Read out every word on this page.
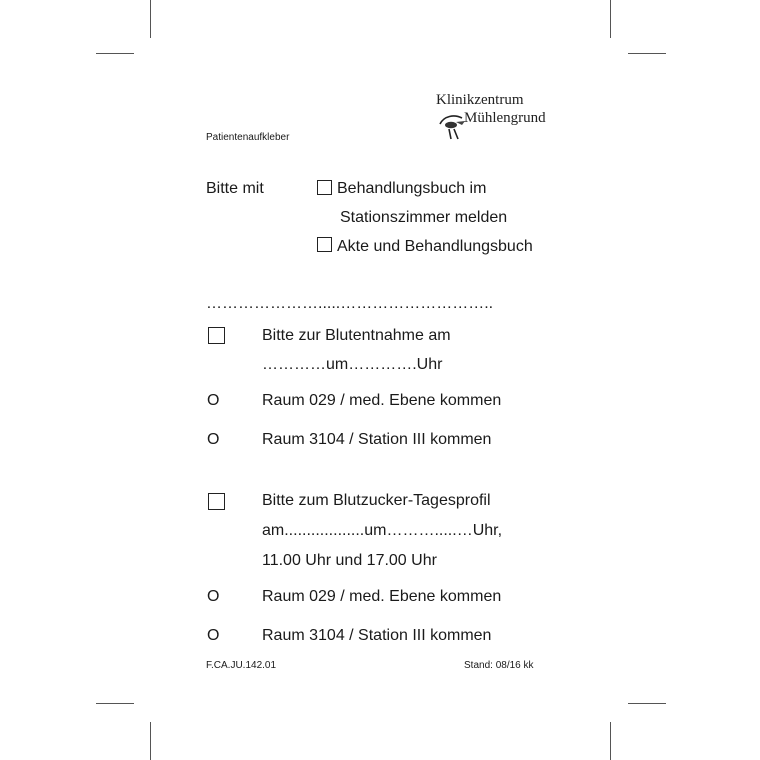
Klinikzentrum
Mühlengrund
Patientenaufkleber
Bitte mit	Behandlungsbuch im
Stationszimmer melden
Akte und Behandlungsbuch
………………….....………………………..
Bitte zur Blutentnahme am
…………um………….Uhr
O	Raum 029 / med. Ebene kommen
O	Raum 3104 / Station III kommen
Bitte zum Blutzucker-Tagesprofil
am..................um……….....…Uhr,
11.00 Uhr und 17.00 Uhr
O	Raum 029 / med. Ebene kommen
O	Raum 3104 / Station III kommen
F.CA.JU.142.01	Stand: 08/16 kk
